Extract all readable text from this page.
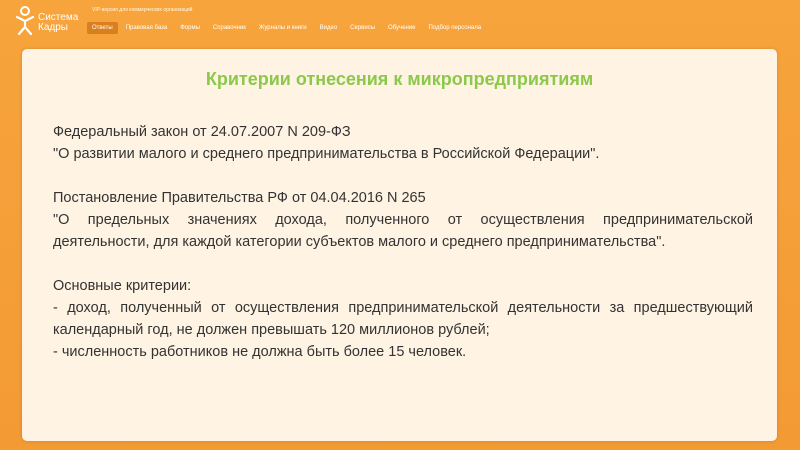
Система
Кадры
VIP-версия для коммерческих организаций
Ответы	Правовая база	Формы	Справочник	Журналы и книги	Видео	Сервисы	Обучение	Подбор персонала
Критерии отнесения к микропредприятиям

Федеральный закон от 24.07.2007 N 209-ФЗ

"О развитии малого и среднего предпринимательства в Российской Федерации".

Постановление Правительства РФ от 04.04.2016 N 265

"О предельных значениях дохода, полученного от осуществления предпринимательской деятельности, для каждой категории субъектов малого и среднего предпринимательства".

Основные критерии:

- доход, полученный от осуществления предпринимательской деятельности за предшествующий календарный год, не должен превышать 120 миллионов рублей;

- численность работников не должна быть более 15 человек.
